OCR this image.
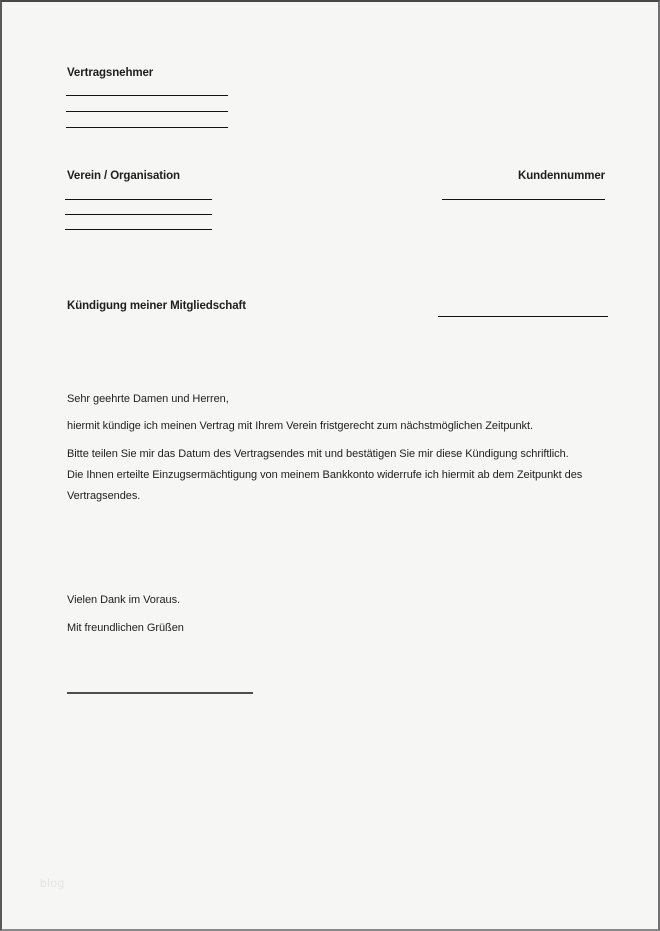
Vertragsnehmer
Verein / Organisation	Kundennummer
Kündigung meiner Mitgliedschaft
Sehr geehrte Damen und Herren,
hiermit kündige ich meinen Vertrag mit Ihrem Verein fristgerecht zum nächstmöglichen Zeitpunkt.
Bitte teilen Sie mir das Datum des Vertragsendes mit und bestätigen Sie mir diese Kündigung schriftlich.
Die Ihnen erteilte Einzugsermächtigung von meinem Bankkonto widerrufe ich hiermit ab dem Zeitpunkt des
Vertragsendes.
Vielen Dank im Voraus.
Mit freundlichen Grüßen
blog
